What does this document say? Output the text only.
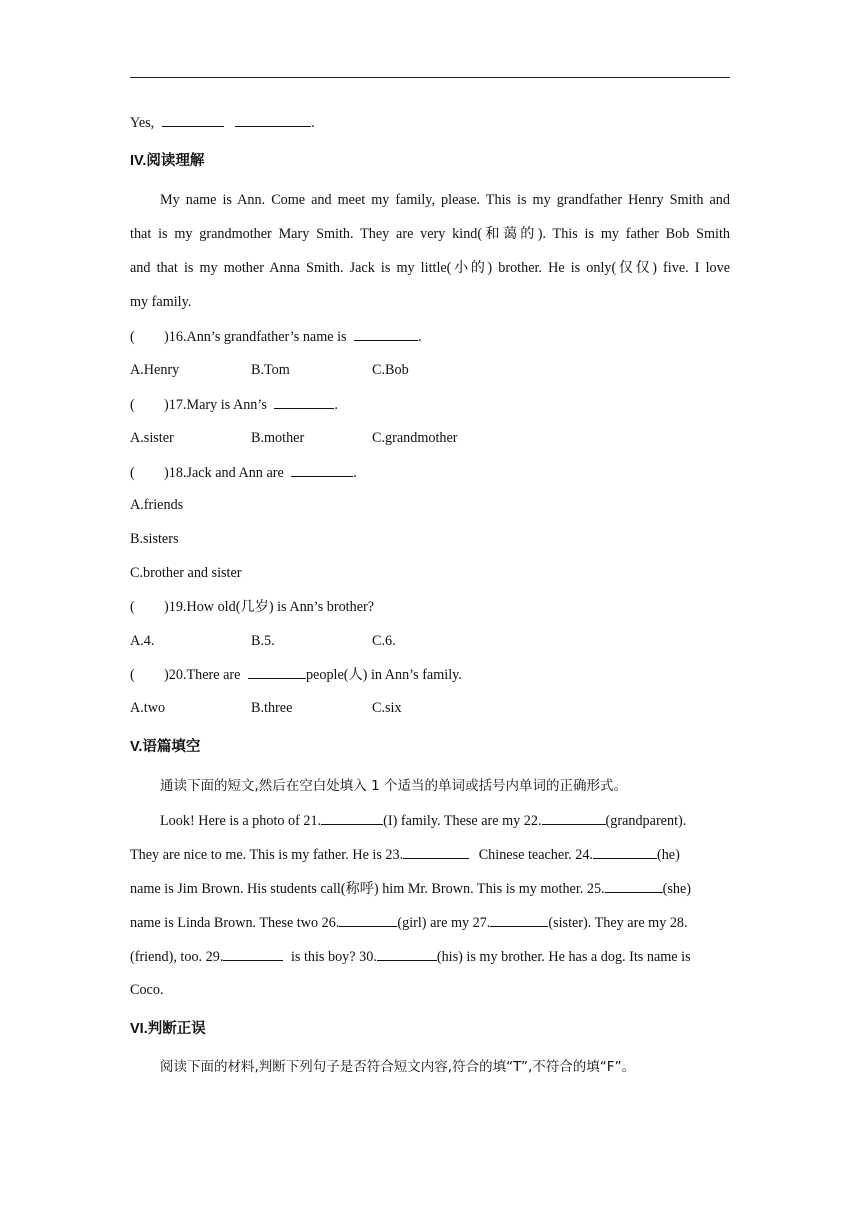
Yes,	.
IV.阅读理解
My name is Ann. Come and meet my family, please. This is my grandfather Henry Smith and
that is my grandmother Mary Smith. They are very kind(和蔼的). This is my father Bob Smith
and that is my mother Anna Smith. Jack is my little(小的) brother. He is only(仅仅) five. I love
my family.
( )16.Ann’s grandfather’s name is	.
A.Henry	B.Tom	C.Bob
( )17.Mary is Ann’s	.
A.sister	B.mother	C.grandmother
( )18.Jack and Ann are	.
A.friends
B.sisters
C.brother and sister
( )19.How old(几岁) is Ann’s brother?
A.4.	B.5.	C.6.
( )20.There are	people(人) in Ann’s family.
A.two	B.three	C.six
V.语篇填空
通读下面的短文,然后在空白处填入 1 个适当的单词或括号内单词的正确形式。
Look! Here is a photo of 21.	(I) family. These are my 22.	(grandparent).
They are nice to me. This is my father. He is 23.	Chinese teacher. 24.	(he)
name is Jim Brown. His students call(称呼) him Mr. Brown. This is my mother. 25.	(she)
name is Linda Brown. These two 26.	(girl) are my 27.	(sister). They are my 28.
(friend), too. 29.	is this boy? 30.	(his) is my brother. He has a dog. Its name is
Coco.
VI.判断正误
阅读下面的材料,判断下列句子是否符合短文内容,符合的填“T”,不符合的填“F”。
